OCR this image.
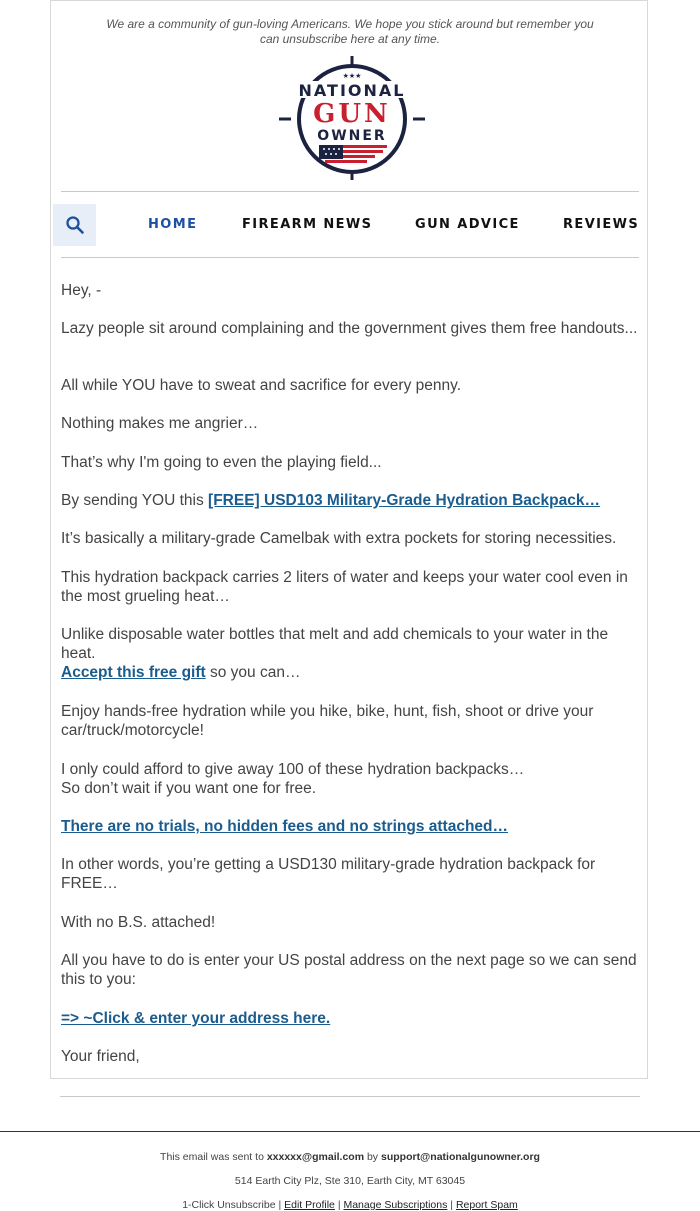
We are a community of gun-loving Americans. We hope you stick around but remember you
can unsubscribe here at any time.
★★★
NATIONAL
GUN
OWNER
HOME	FIREARM NEWS	GUN ADVICE	REVIEWS

Hey, -

Lazy people sit around complaining and the government gives them free handouts...

All while YOU have to sweat and sacrifice for every penny.

Nothing makes me angrier…

That’s why I'm going to even the playing field...

By sending YOU this [FREE] USD103 Military-Grade Hydration Backpack…

It’s basically a military-grade Camelbak with extra pockets for storing necessities.

This hydration backpack carries 2 liters of water and keeps your water cool even in the most grueling heat…

Unlike disposable water bottles that melt and add chemicals to your water in the heat.

Accept this free gift so you can…

Enjoy hands-free hydration while you hike, bike, hunt, fish, shoot or drive your car/truck/motorcycle!

I only could afford to give away 100 of these hydration backpacks…

So don’t wait if you want one for free.

There are no trials, no hidden fees and no strings attached…

In other words, you’re getting a USD130 military-grade hydration backpack for FREE…

With no B.S. attached!

All you have to do is enter your US postal address on the next page so we can send this to you:

=> ~Click & enter your address here.

Your friend,

This email was sent to xxxxxx@gmail.com by support@nationalgunowner.org
514 Earth City Plz, Ste 310, Earth City, MT 63045
1-Click Unsubscribe | Edit Profile | Manage Subscriptions | Report Spam
